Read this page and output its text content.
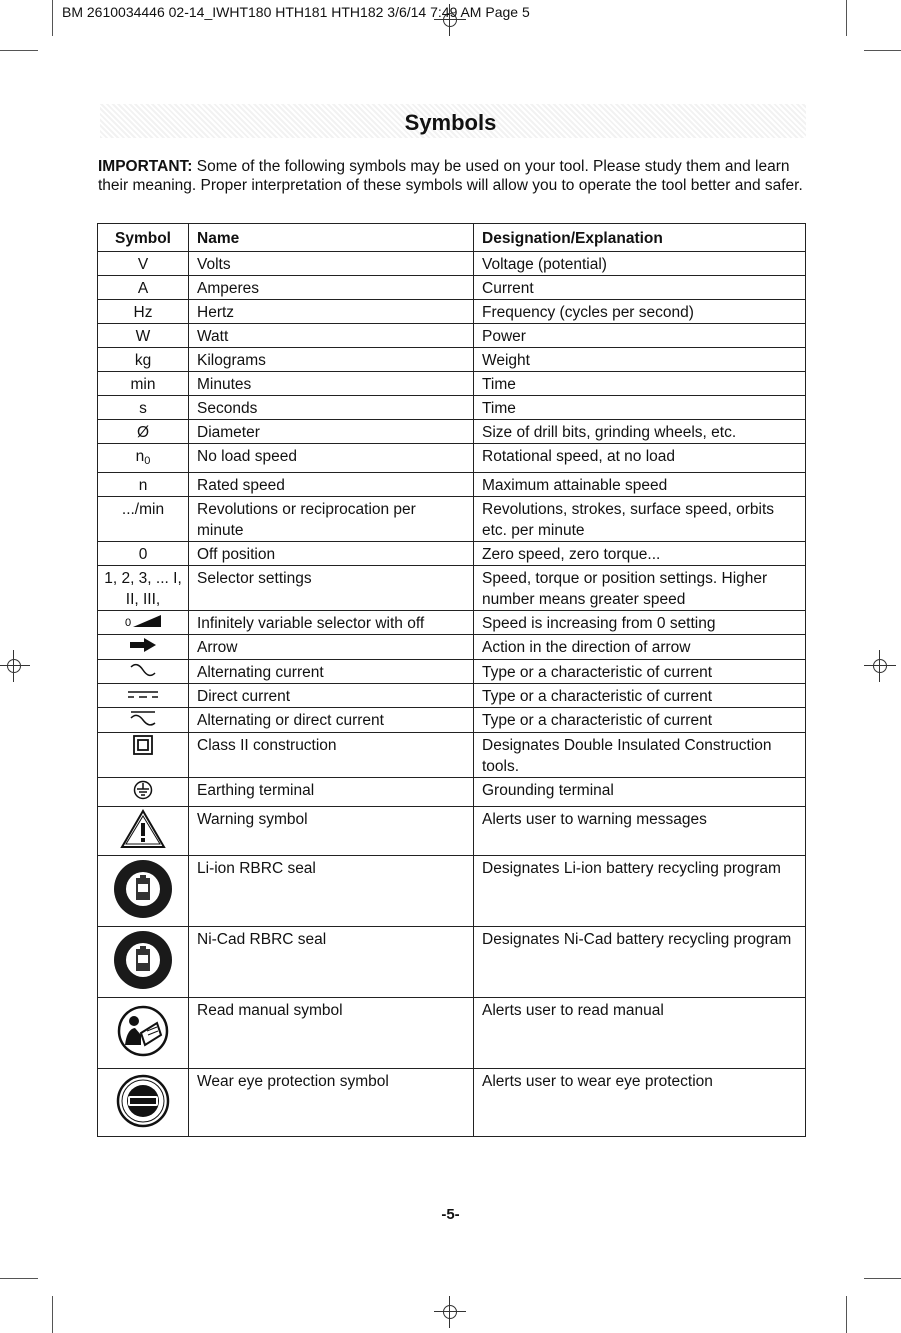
BM 2610034446 02-14_IWHT180 HTH181 HTH182 3/6/14 7:49 AM Page 5
Symbols
IMPORTANT: Some of the following symbols may be used on your tool. Please study them and learn their meaning. Proper interpretation of these symbols will allow you to operate the tool better and safer.
Symbol	Name	Designation/Explanation
V	Volts	Voltage (potential)
A	Amperes	Current
Hz	Hertz	Frequency (cycles per second)
W	Watt	Power
kg	Kilograms	Weight
min	Minutes	Time
s	Seconds	Time
Ø	Diameter	Size of drill bits, grinding wheels, etc.
$n_0$	No load speed	Rotational speed, at no load
n	Rated speed	Maximum attainable speed
.../min	Revolutions or reciprocation per minute	Revolutions, strokes, surface speed, orbits etc. per minute
0	Off position	Zero speed, zero torque...
1, 2, 3, ... I, II, III,	Selector settings	Speed, torque or position settings. Higher number means greater speed

0	Infinitely variable selector with off	Speed is increasing from 0 setting
	Arrow	Action in the direction of arrow
	Alternating current	Type or a characteristic of current
	Direct current	Type or a characteristic of current
	Alternating or direct current	Type or a characteristic of current
	Class II construction	Designates Double Insulated Construction tools.
	Earthing terminal	Grounding terminal
	Warning symbol	Alerts user to warning messages
	Li-ion RBRC seal	Designates Li-ion battery recycling program
	Ni-Cad RBRC seal	Designates Ni-Cad battery recycling program
	Read manual symbol	Alerts user to read manual
	Wear eye protection symbol	Alerts user to wear eye protection
-5-
